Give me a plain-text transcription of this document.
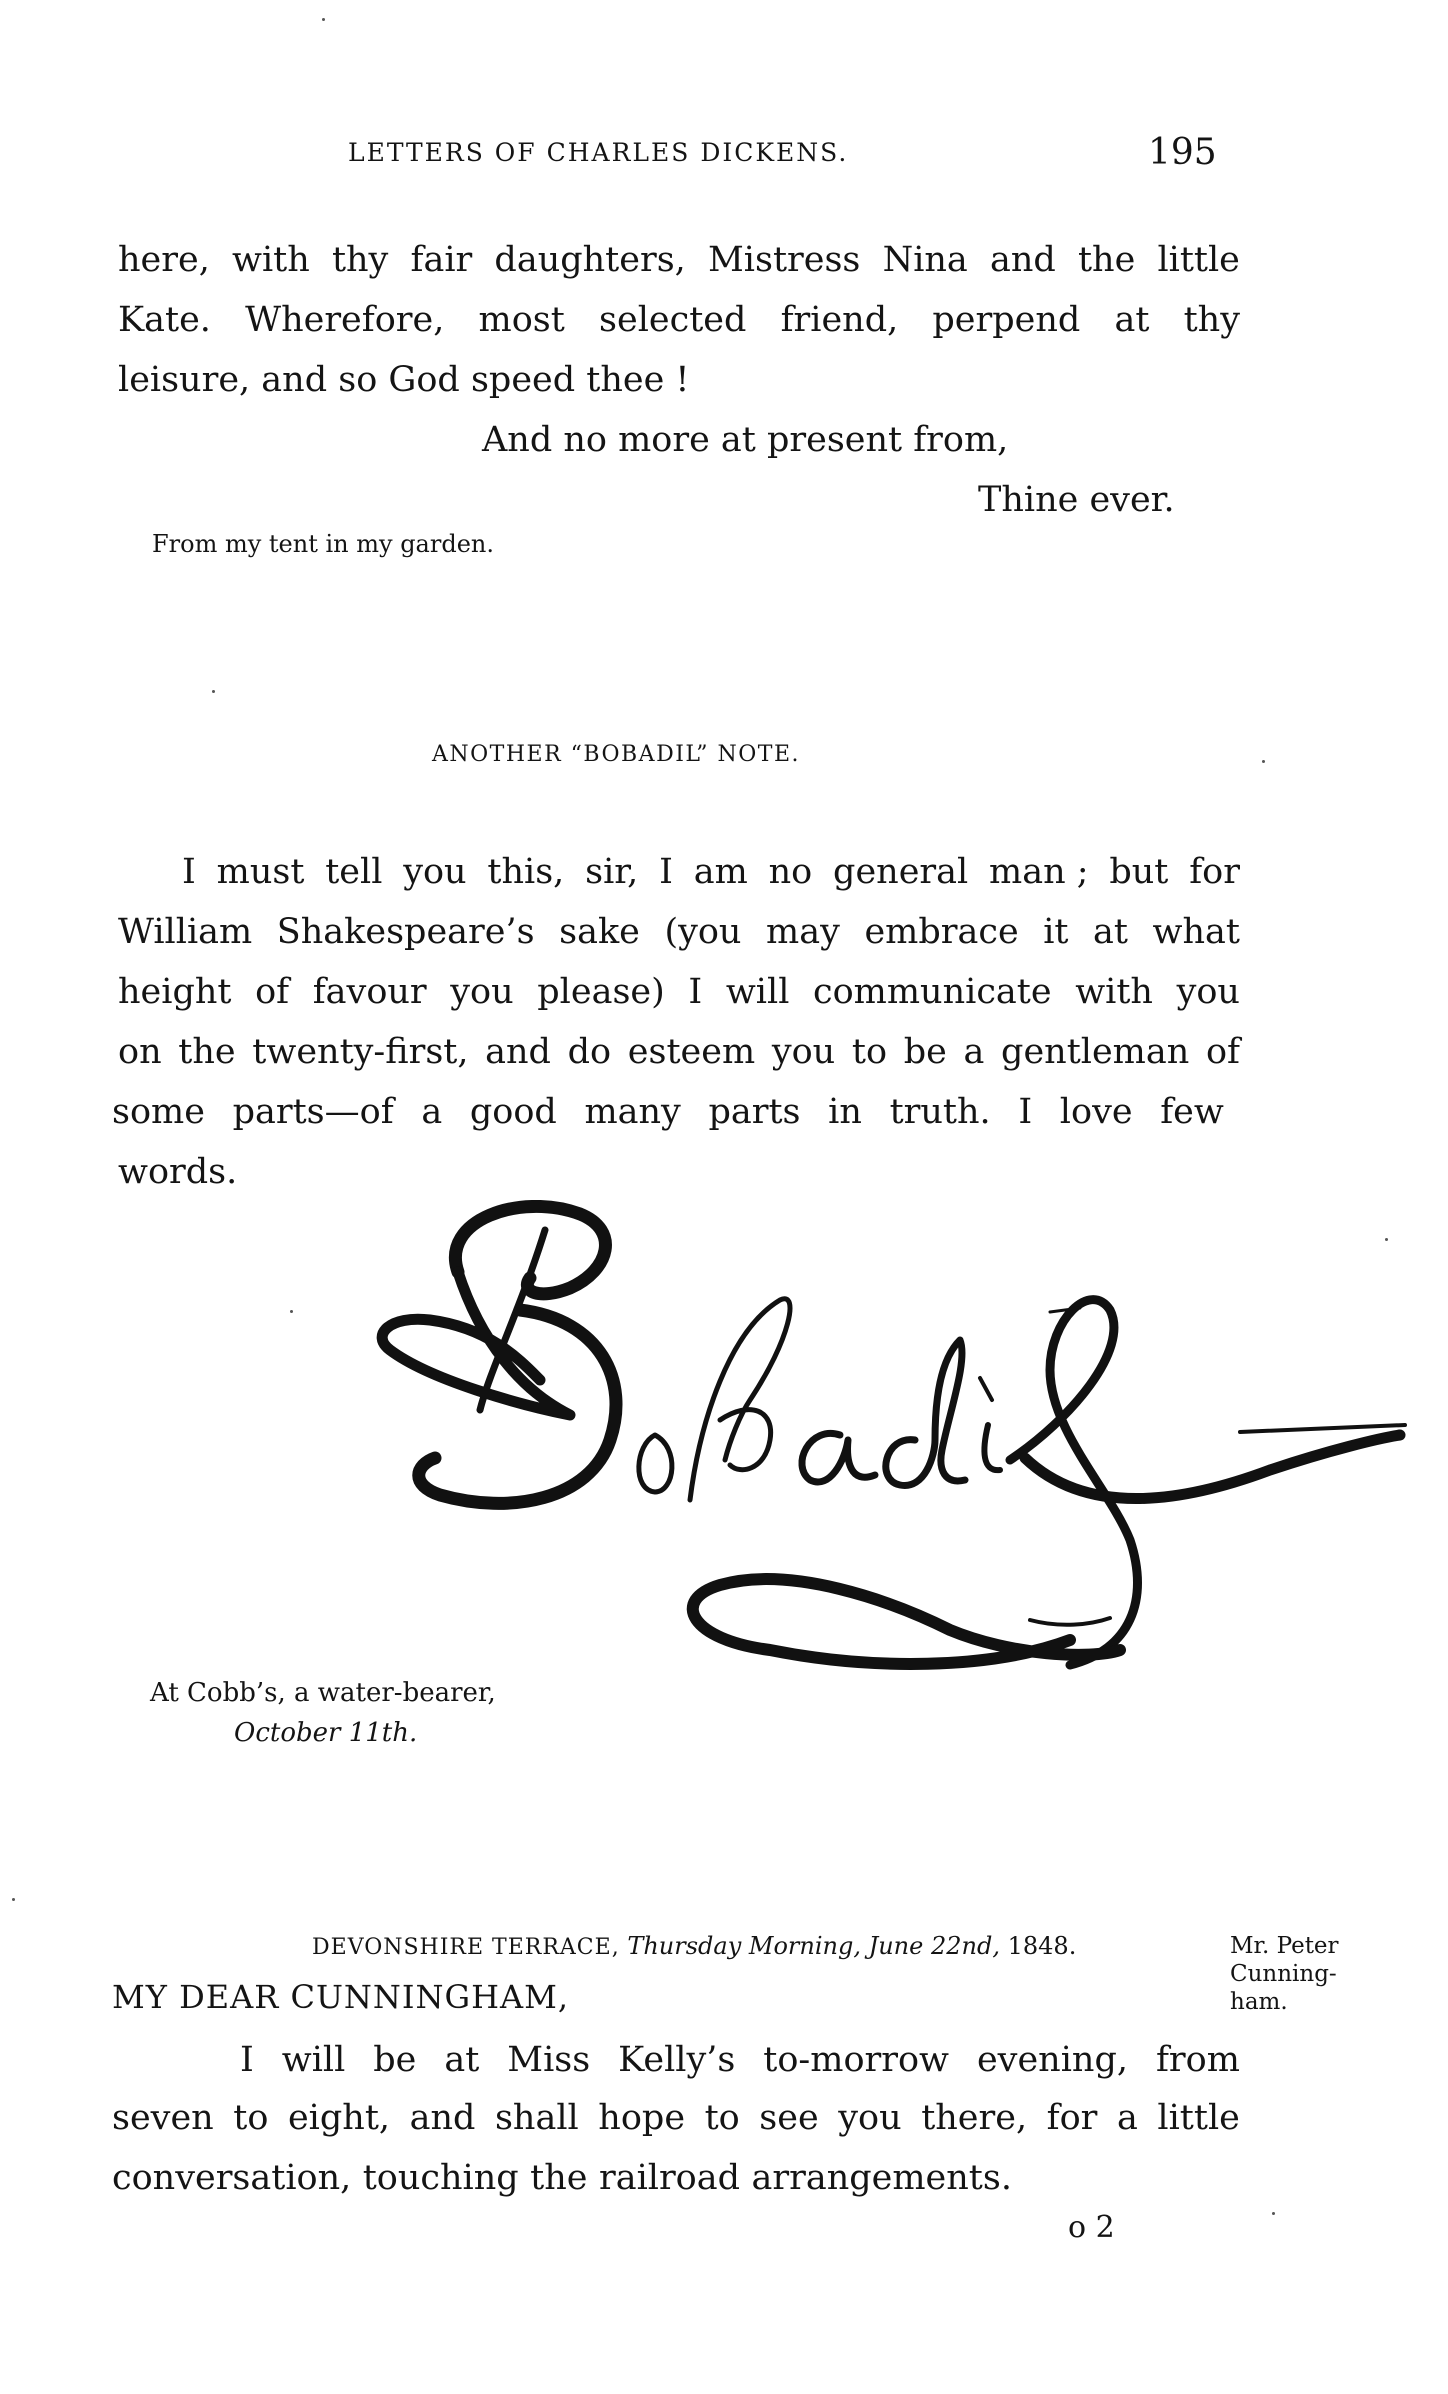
LETTERS OF CHARLES DICKENS.	195
here, with thy fair daughters, Mistress Nina and the little
Kate. Wherefore, most selected friend, perpend at thy
leisure, and so God speed thee !
And no more at present from,
Thine ever.
From my tent in my garden.
ANOTHER “BOBADIL” NOTE.
I must tell you this, sir, I am no general man ; but for
William Shakespeare’s sake (you may embrace it at what
height of favour you please) I will communicate with you
on the twenty-first, and do esteem you to be a gentleman of
some parts—of a good many parts in truth. I love few
words.
At Cobb’s, a water-bearer,
October 11th.
DEVONSHIRE TERRACE, Thursday Morning, June 22nd, 1848.	Mr. Peter
Cunning-
ham.
MY DEAR CUNNINGHAM,
I will be at Miss Kelly’s to-morrow evening, from
seven to eight, and shall hope to see you there, for a little
conversation, touching the railroad arrangements.
o 2
